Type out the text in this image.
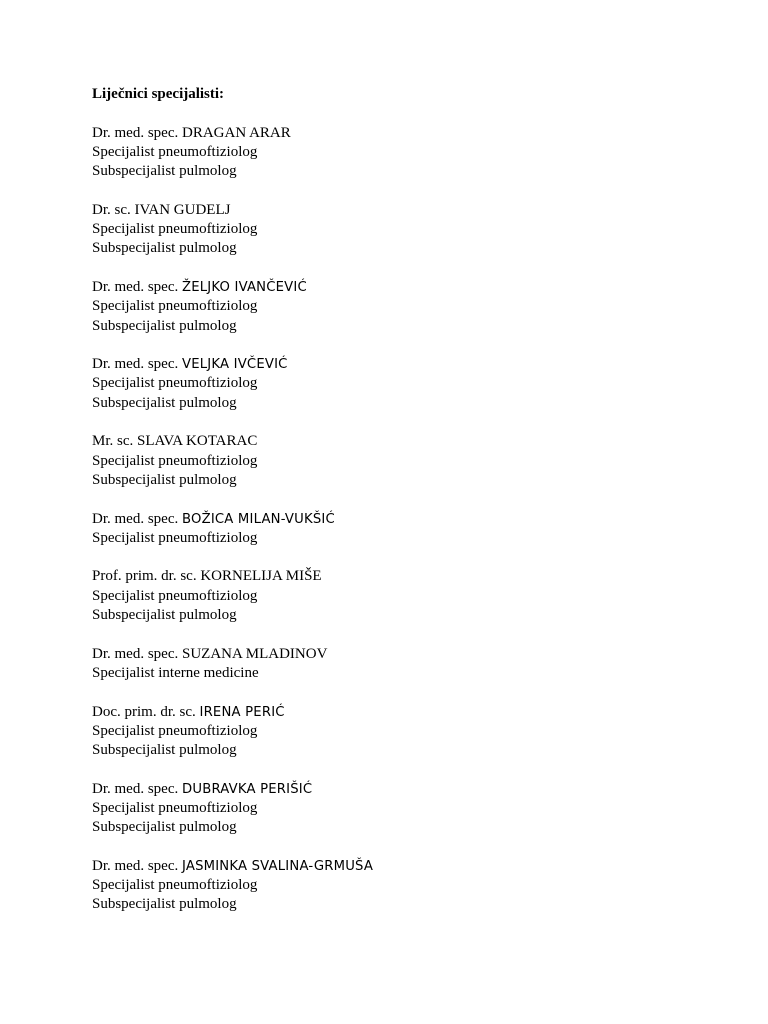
Liječnici specijalisti:
Dr. med. spec. DRAGAN ARAR
Specijalist pneumoftiziolog
Subspecijalist pulmolog
Dr. sc. IVAN GUDELJ
Specijalist pneumoftiziolog
Subspecijalist pulmolog
Dr. med. spec. ŽELJKO IVANČEVIĆ
Specijalist pneumoftiziolog
Subspecijalist pulmolog
Dr. med. spec. VELJKA IVČEVIĆ
Specijalist pneumoftiziolog
Subspecijalist pulmolog
Mr. sc. SLAVA KOTARAC
Specijalist pneumoftiziolog
Subspecijalist pulmolog
Dr. med. spec. BOŽICA MILAN-VUKŠIĆ
Specijalist pneumoftiziolog
Prof. prim. dr. sc. KORNELIJA MIŠE
Specijalist pneumoftiziolog
Subspecijalist pulmolog
Dr. med. spec. SUZANA MLADINOV
Specijalist interne medicine
Doc. prim. dr. sc. IRENA PERIĆ
Specijalist pneumoftiziolog
Subspecijalist pulmolog
Dr. med. spec. DUBRAVKA PERIŠIĆ
Specijalist pneumoftiziolog
Subspecijalist pulmolog
Dr. med. spec. JASMINKA SVALINA-GRMUŠA
Specijalist pneumoftiziolog
Subspecijalist pulmolog
